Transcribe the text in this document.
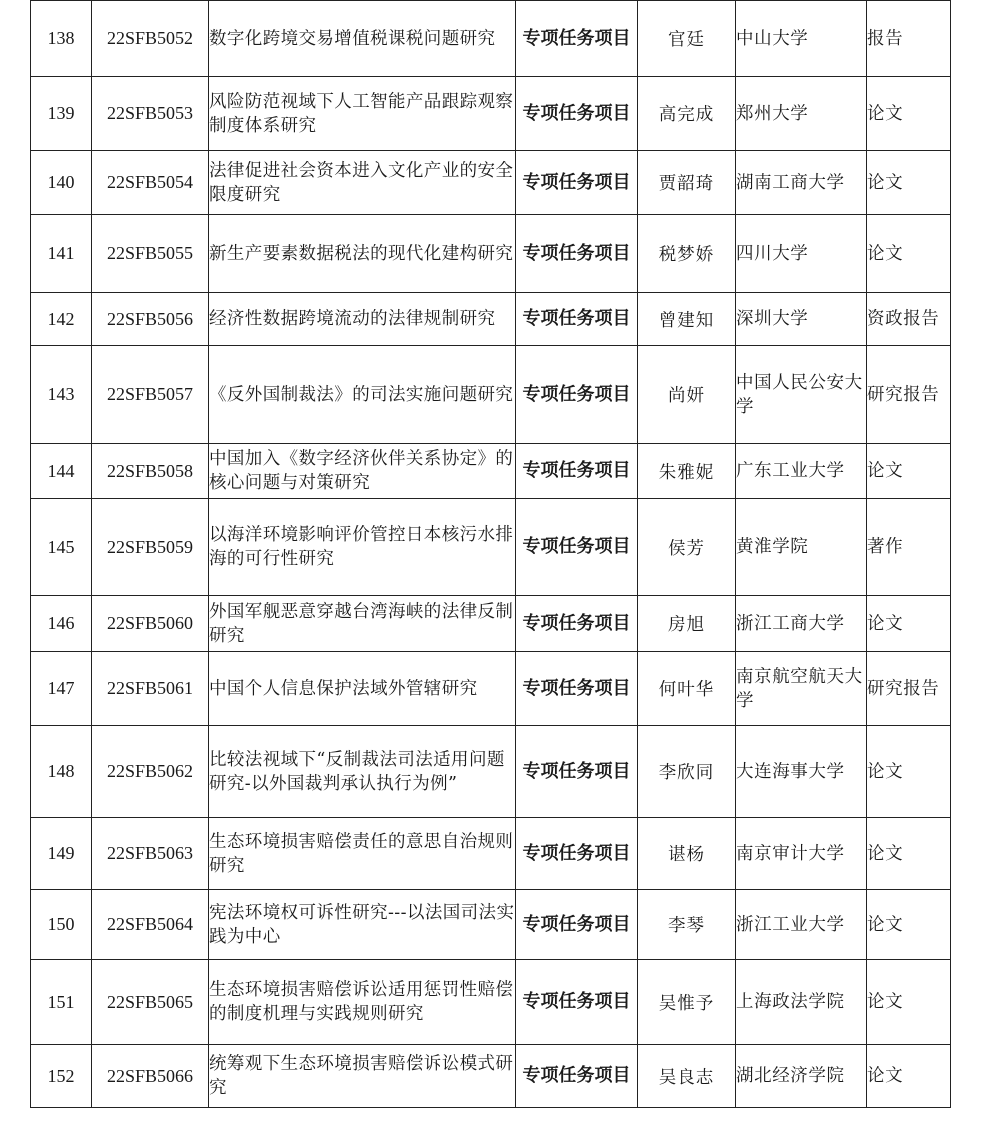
138	22SFB5052	数字化跨境交易增值税课税问题研究	专项任务项目	官廷	中山大学	报告
139	22SFB5053	风险防范视域下人工智能产品跟踪观察制度体系研究	专项任务项目	高完成	郑州大学	论文
140	22SFB5054	法律促进社会资本进入文化产业的安全限度研究	专项任务项目	贾韶琦	湖南工商大学	论文
141	22SFB5055	新生产要素数据税法的现代化建构研究	专项任务项目	税梦娇	四川大学	论文
142	22SFB5056	经济性数据跨境流动的法律规制研究	专项任务项目	曾建知	深圳大学	资政报告
143	22SFB5057	《反外国制裁法》的司法实施问题研究	专项任务项目	尚妍	中国人民公安大学	研究报告
144	22SFB5058	中国加入《数字经济伙伴关系协定》的核心问题与对策研究	专项任务项目	朱雅妮	广东工业大学	论文
145	22SFB5059	以海洋环境影响评价管控日本核污水排海的可行性研究	专项任务项目	侯芳	黄淮学院	著作
146	22SFB5060	外国军舰恶意穿越台湾海峡的法律反制研究	专项任务项目	房旭	浙江工商大学	论文
147	22SFB5061	中国个人信息保护法域外管辖研究	专项任务项目	何叶华	南京航空航天大学	研究报告
148	22SFB5062	比较法视域下“反制裁法司法适用问题研究-以外国裁判承认执行为例”	专项任务项目	李欣同	大连海事大学	论文
149	22SFB5063	生态环境损害赔偿责任的意思自治规则研究	专项任务项目	谌杨	南京审计大学	论文
150	22SFB5064	宪法环境权可诉性研究---以法国司法实践为中心	专项任务项目	李琴	浙江工业大学	论文
151	22SFB5065	生态环境损害赔偿诉讼适用惩罚性赔偿的制度机理与实践规则研究	专项任务项目	吴惟予	上海政法学院	论文
152	22SFB5066	统筹观下生态环境损害赔偿诉讼模式研究	专项任务项目	吴良志	湖北经济学院	论文
